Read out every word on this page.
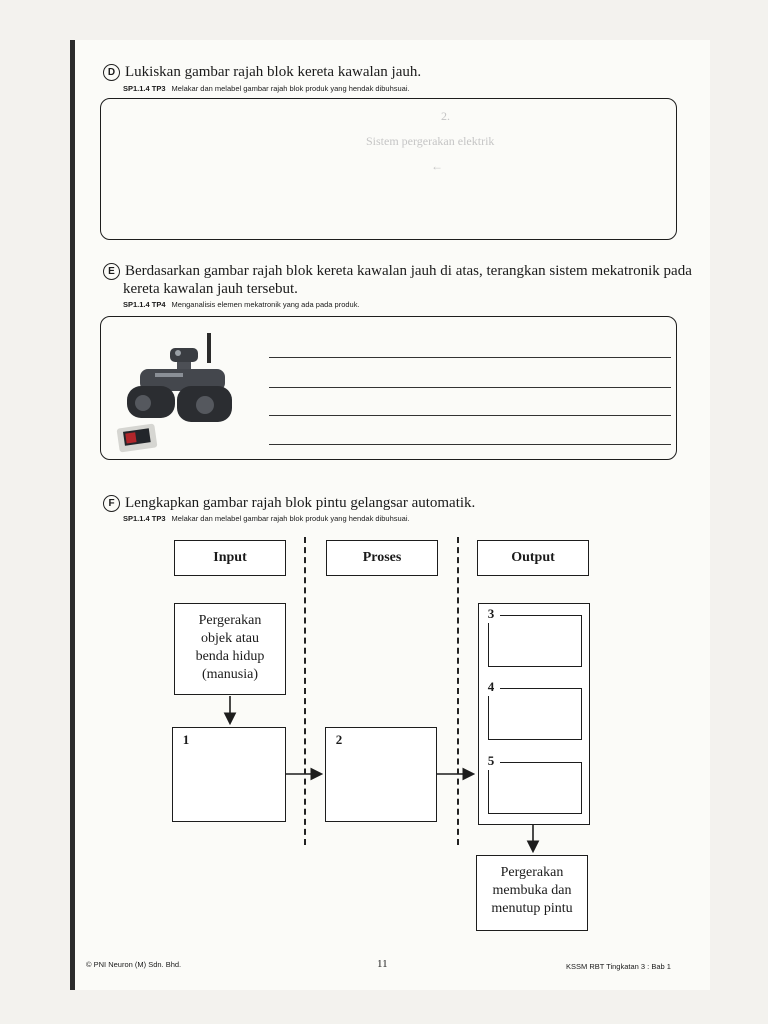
D Lukiskan gambar rajah blok kereta kawalan jauh.
SP1.1.4 TP3 Melakar dan melabel gambar rajah blok produk yang hendak dibuhsuai.
2.
Sistem pergerakan elektrik
←
E Berdasarkan gambar rajah blok kereta kawalan jauh di atas, terangkan sistem mekatronik pada
kereta kawalan jauh tersebut.
SP1.1.4 TP4 Menganalisis elemen mekatronik yang ada pada produk.
F Lengkapkan gambar rajah blok pintu gelangsar automatik.
SP1.1.4 TP3 Melakar dan melabel gambar rajah blok produk yang hendak dibuhsuai.
Input	Proses	Output
Pergerakan
objek atau
benda hidup
(manusia)
1	2
3
4
5
Pergerakan
membuka dan
menutup pintu
© PNI Neuron (M) Sdn. Bhd.	11	KSSM RBT Tingkatan 3 : Bab 1
